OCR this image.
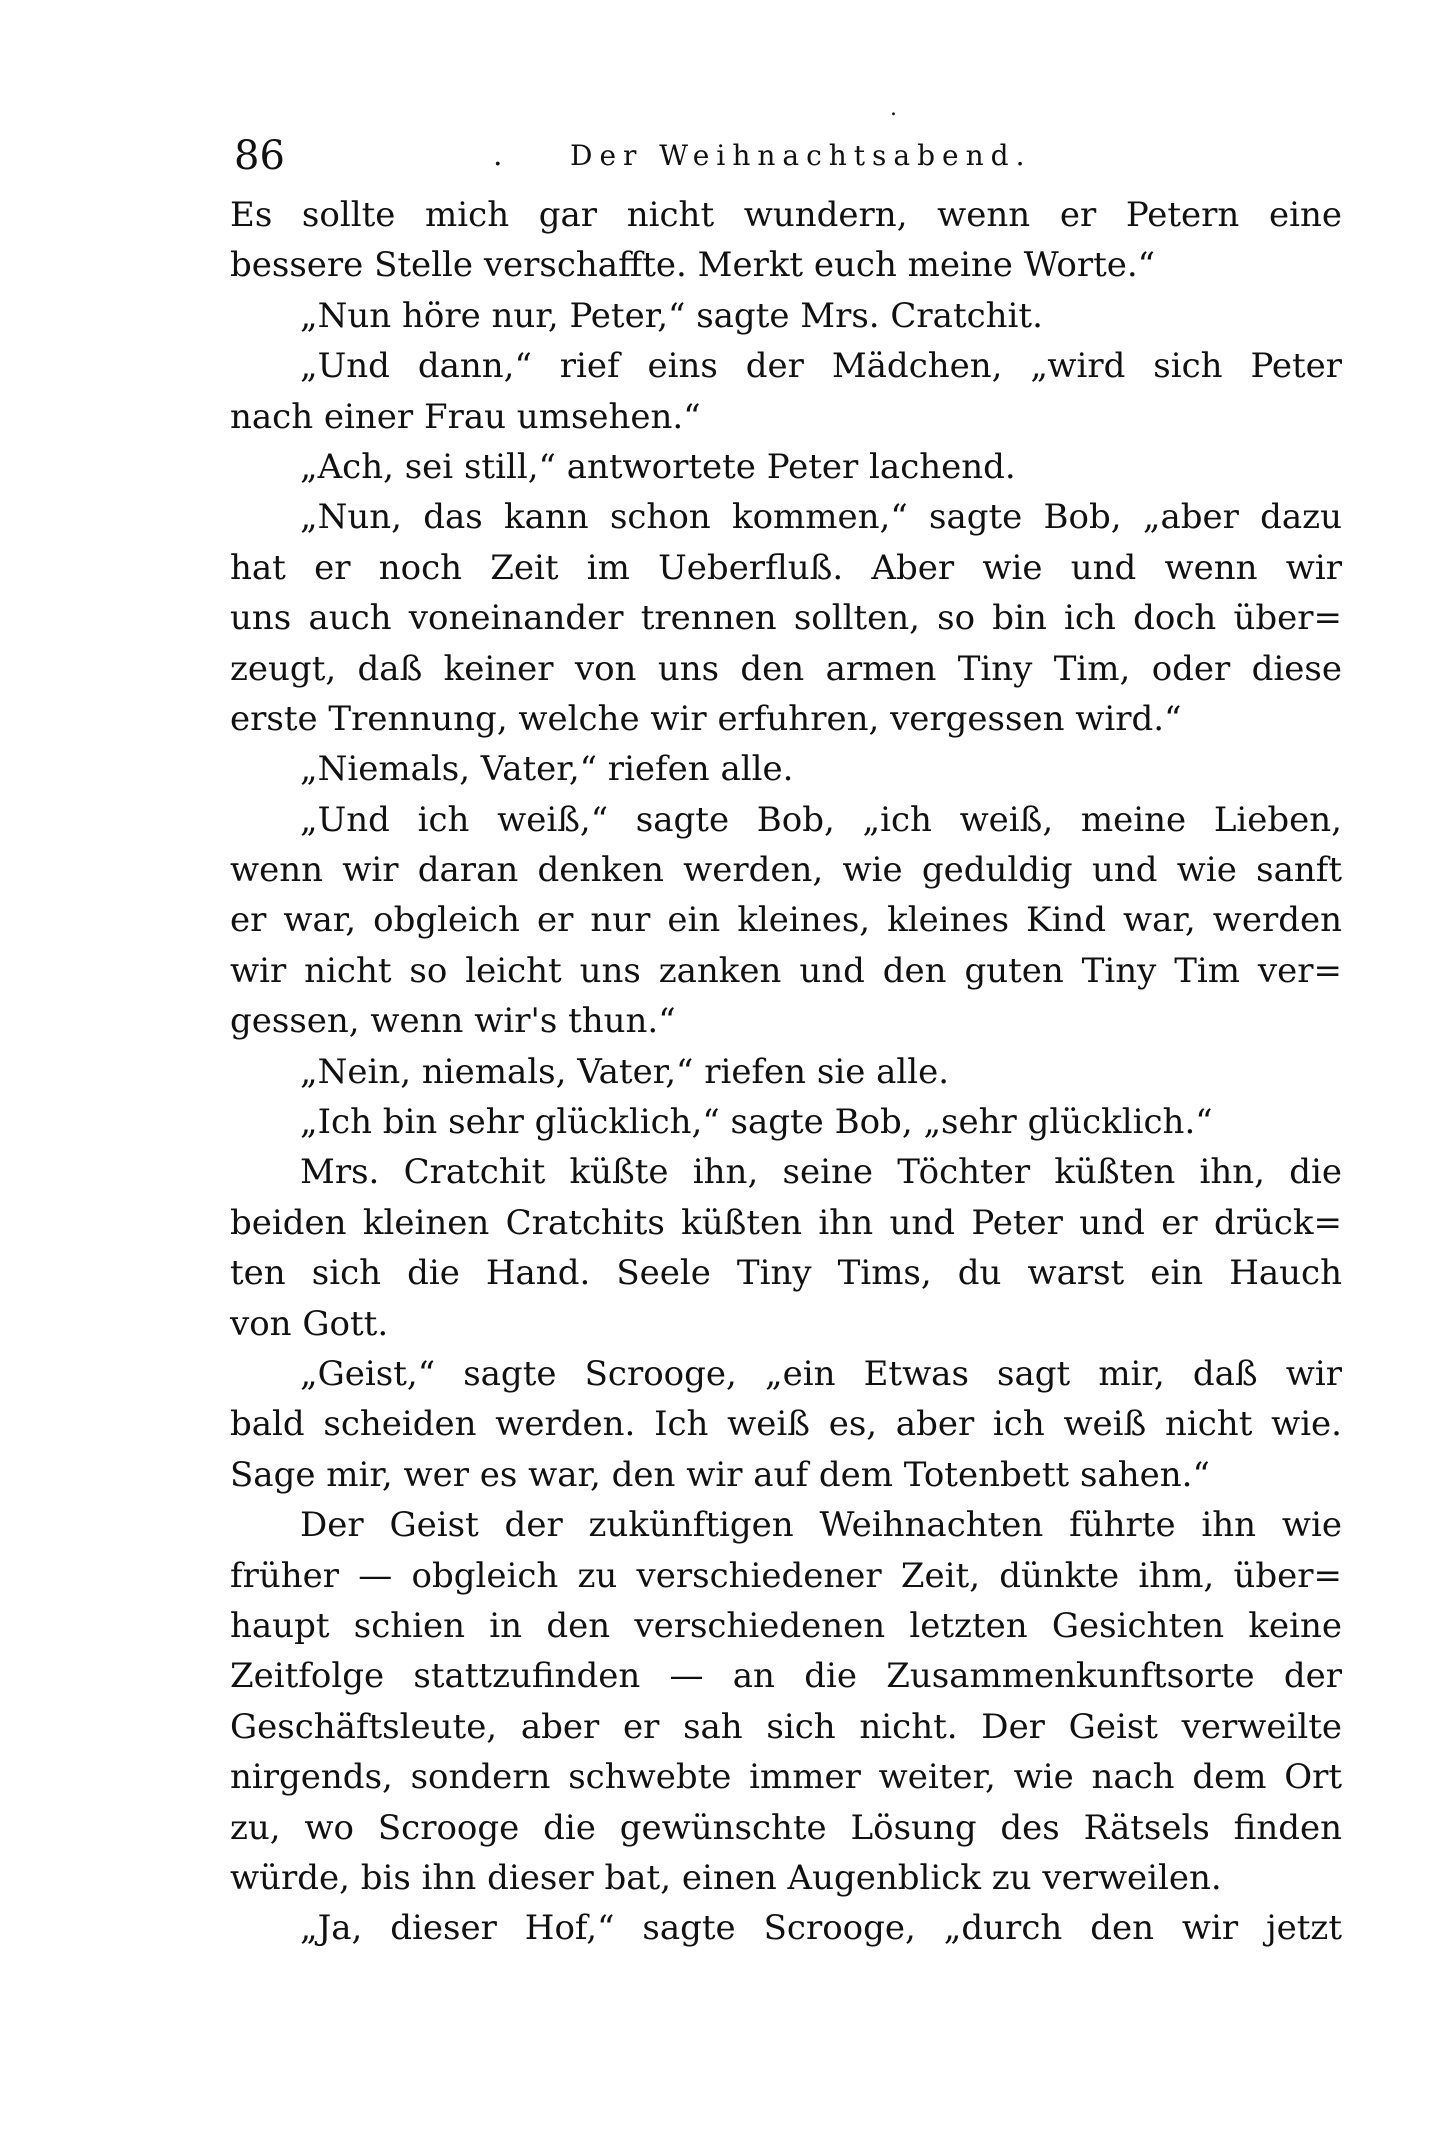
.
86	. Der Weihnachtsabend.
Es sollte mich gar nicht wundern, wenn er Petern eine
bessere Stelle verschaffte. Merkt euch meine Worte.“
„Nun höre nur, Peter,“ sagte Mrs. Cratchit.
„Und dann,“ rief eins der Mädchen, „wird sich Peter
nach einer Frau umsehen.“
„Ach, sei still,“ antwortete Peter lachend.
„Nun, das kann schon kommen,“ sagte Bob, „aber dazu
hat er noch Zeit im Ueberfluß. Aber wie und wenn wir
uns auch voneinander trennen sollten, so bin ich doch über=
zeugt, daß keiner von uns den armen Tiny Tim, oder diese
erste Trennung, welche wir erfuhren, vergessen wird.“
„Niemals, Vater,“ riefen alle.
„Und ich weiß,“ sagte Bob, „ich weiß, meine Lieben,
wenn wir daran denken werden, wie geduldig und wie sanft
er war, obgleich er nur ein kleines, kleines Kind war, werden
wir nicht so leicht uns zanken und den guten Tiny Tim ver=
gessen, wenn wir's thun.“
„Nein, niemals, Vater,“ riefen sie alle.
„Ich bin sehr glücklich,“ sagte Bob, „sehr glücklich.“
Mrs. Cratchit küßte ihn, seine Töchter küßten ihn, die
beiden kleinen Cratchits küßten ihn und Peter und er drück=
ten sich die Hand. Seele Tiny Tims, du warst ein Hauch
von Gott.
„Geist,“ sagte Scrooge, „ein Etwas sagt mir, daß wir
bald scheiden werden. Ich weiß es, aber ich weiß nicht wie.
Sage mir, wer es war, den wir auf dem Totenbett sahen.“
Der Geist der zukünftigen Weihnachten führte ihn wie
früher — obgleich zu verschiedener Zeit, dünkte ihm, über=
haupt schien in den verschiedenen letzten Gesichten keine
Zeitfolge stattzufinden — an die Zusammenkunftsorte der
Geschäftsleute, aber er sah sich nicht. Der Geist verweilte
nirgends, sondern schwebte immer weiter, wie nach dem Ort
zu, wo Scrooge die gewünschte Lösung des Rätsels finden
würde, bis ihn dieser bat, einen Augenblick zu verweilen.
„Ja, dieser Hof,“ sagte Scrooge, „durch den wir jetzt
